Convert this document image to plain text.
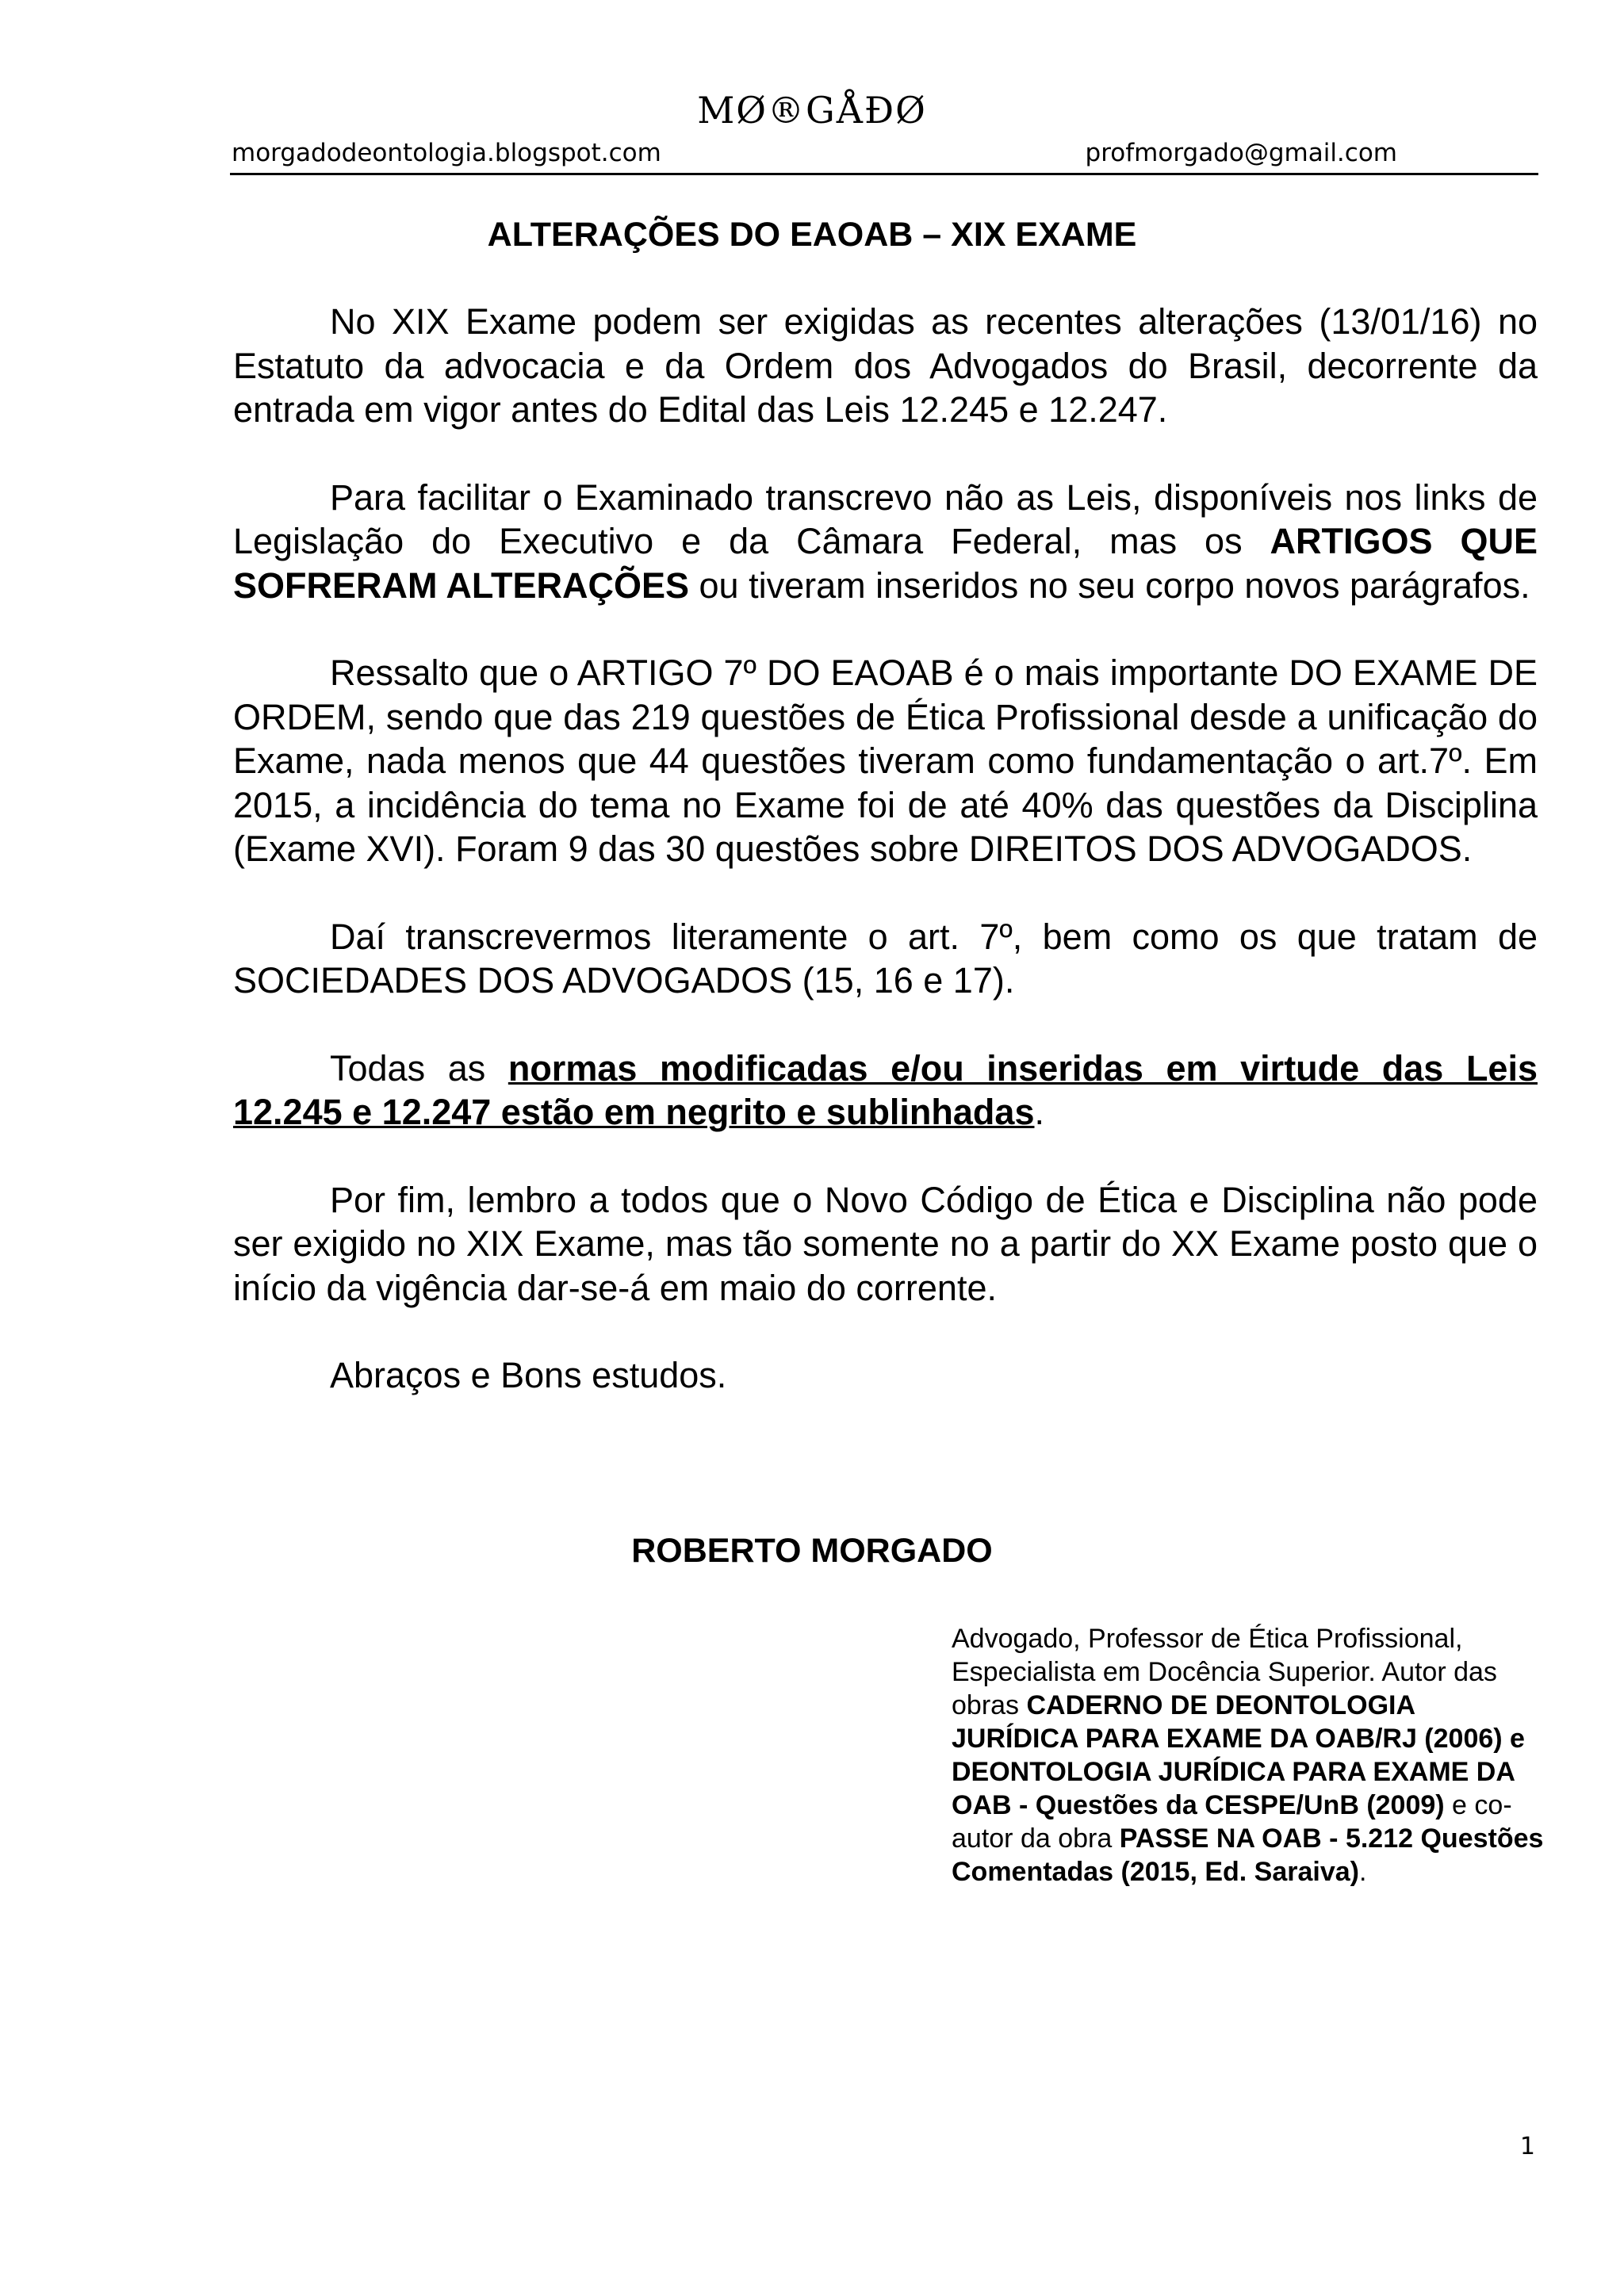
MØ®GÅÐØ
morgadodeontologia.blogspot.com	profmorgado@gmail.com
ALTERAÇÕES DO EAOAB – XIX EXAME

No XIX Exame podem ser exigidas as recentes alterações (13/01/16) no Estatuto da advocacia e da Ordem dos Advogados do Brasil, decorrente da entrada em vigor antes do Edital das Leis 12.245 e 12.247.

Para facilitar o Examinado transcrevo não as Leis, disponíveis nos links de Legislação do Executivo e da Câmara Federal, mas os ARTIGOS QUE SOFRERAM ALTERAÇÕES ou tiveram inseridos no seu corpo novos parágrafos.

Ressalto que o ARTIGO 7º DO EAOAB é o mais importante DO EXAME DE ORDEM, sendo que das 219 questões de Ética Profissional desde a unificação do Exame, nada menos que 44 questões tiveram como fundamentação o art.7º. Em 2015, a incidência do tema no Exame foi de até 40% das questões da Disciplina (Exame XVI). Foram 9 das 30 questões sobre DIREITOS DOS ADVOGADOS.

Daí transcrevermos literamente o art. 7º, bem como os que tratam de SOCIEDADES DOS ADVOGADOS (15, 16 e 17).

Todas as normas modificadas e/ou inseridas em virtude das Leis 12.245 e 12.247 estão em negrito e sublinhadas.

Por fim, lembro a todos que o Novo Código de Ética e Disciplina não pode ser exigido no XIX Exame, mas tão somente no a partir do XX Exame posto que o início da vigência dar-se-á em maio do corrente.

Abraços e Bons estudos.

ROBERTO MORGADO
Advogado, Professor de Ética Profissional, Especialista em Docência Superior. Autor das obras CADERNO DE DEONTOLOGIA JURÍDICA PARA EXAME DA OAB/RJ (2006) e DEONTOLOGIA JURÍDICA PARA EXAME DA OAB - Questões da CESPE/UnB (2009) e co-autor da obra PASSE NA OAB - 5.212 Questões Comentadas (2015, Ed. Saraiva).
1
